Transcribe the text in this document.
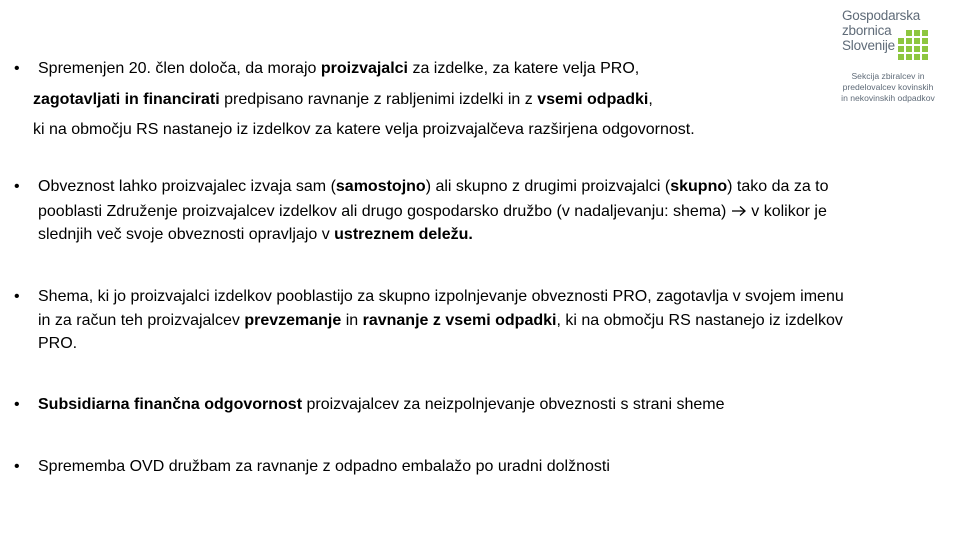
Gospodarska
zbornica
Slovenije
Sekcija zbiralcev in
predelovalcev kovinskih
in nekovinskih odpadkov
• Spremenjen 20. člen določa, da morajo proizvajalci za izdelke, za katere velja PRO,
zagotavljati in financirati predpisano ravnanje z rabljenimi izdelki in z vsemi odpadki,
ki na območju RS nastanejo iz izdelkov za katere velja proizvajalčeva razširjena odgovornost.
• Obveznost lahko proizvajalec izvaja sam (samostojno) ali skupno z drugimi proizvajalci (skupno) tako da za to
pooblasti Združenje proizvajalcev izdelkov ali drugo gospodarsko družbo (v nadaljevanju: shema)  v kolikor je
slednjih več svoje obveznosti opravljajo v ustreznem deležu.
• Shema, ki jo proizvajalci izdelkov pooblastijo za skupno izpolnjevanje obveznosti PRO, zagotavlja v svojem imenu
in za račun teh proizvajalcev prevzemanje in ravnanje z vsemi odpadki, ki na območju RS nastanejo iz izdelkov
PRO.
• Subsidiarna finančna odgovornost proizvajalcev za neizpolnjevanje obveznosti s strani sheme
• Sprememba OVD družbam za ravnanje z odpadno embalažo po uradni dolžnosti
